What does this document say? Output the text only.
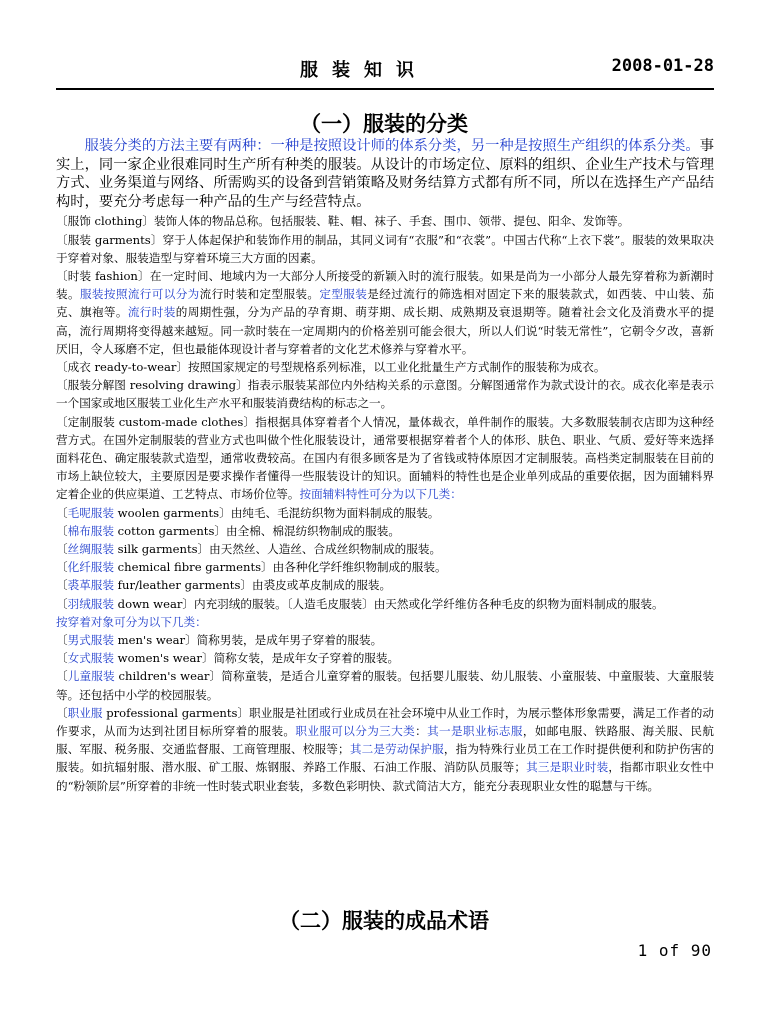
服装知识	2008-01-28
（一）服装的分类

服装分类的方法主要有两种：一种是按照设计师的体系分类，另一种是按照生产组织的体系分类。事实上，同一家企业很难同时生产所有种类的服装。从设计的市场定位、原料的组织、企业生产技术与管理方式、业务渠道与网络、所需购买的设备到营销策略及财务结算方式都有所不同，所以在选择生产产品结构时，要充分考虑每一种产品的生产与经营特点。

〔服饰 clothing〕装饰人体的物品总称。包括服装、鞋、帽、袜子、手套、围巾、领带、提包、阳伞、发饰等。

〔服装 garments〕穿于人体起保护和装饰作用的制品，其同义词有“衣服”和“衣裳”。中国古代称“上衣下裳”。服装的效果取决于穿着对象、服装造型与穿着环境三大方面的因素。

〔时装 fashion〕在一定时间、地域内为一大部分人所接受的新颖入时的流行服装。如果是尚为一小部分人最先穿着称为新潮时装。服装按照流行可以分为流行时装和定型服装。定型服装是经过流行的筛选相对固定下来的服装款式，如西装、中山装、茄克、旗袍等。流行时装的周期性强，分为产品的孕育期、萌芽期、成长期、成熟期及衰退期等。随着社会文化及消费水平的提高，流行周期将变得越来越短。同一款时装在一定周期内的价格差别可能会很大，所以人们说“时装无常性”，它朝令夕改，喜新厌旧，令人琢磨不定，但也最能体现设计者与穿着者的文化艺术修养与穿着水平。

〔成衣 ready-to-wear〕按照国家规定的号型规格系列标准，以工业化批量生产方式制作的服装称为成衣。

〔服装分解图 resolving drawing〕指表示服装某部位内外结构关系的示意图。分解图通常作为款式设计的衣。成衣化率是表示一个国家或地区服装工业化生产水平和服装消费结构的标志之一。

〔定制服装 custom-made clothes〕指根据具体穿着者个人情况，量体裁衣，单件制作的服装。大多数服装制衣店即为这种经营方式。在国外定制服装的营业方式也叫做个性化服装设计，通常要根据穿着者个人的体形、肤色、职业、气质、爱好等来选择面料花色、确定服装款式造型，通常收费较高。在国内有很多顾客是为了省钱或特体原因才定制服装。高档类定制服装在目前的市场上缺位较大，主要原因是要求操作者懂得一些服装设计的知识。面辅料的特性也是企业单列成品的重要依据，因为面辅料界定着企业的供应渠道、工艺特点、市场价位等。按面辅料特性可分为以下几类：

〔毛呢服装 woolen garments〕由纯毛、毛混纺织物为面料制成的服装。

〔棉布服装 cotton garments〕由全棉、棉混纺织物制成的服装。

〔丝绸服装 silk garments〕由天然丝、人造丝、合成丝织物制成的服装。

〔化纤服装 chemical fibre garments〕由各种化学纤维织物制成的服装。

〔裘革服装 fur/leather garments〕由裘皮或革皮制成的服装。

〔羽绒服装 down wear〕内充羽绒的服装。〔人造毛皮服装〕由天然或化学纤维仿各种毛皮的织物为面料制成的服装。

按穿着对象可分为以下几类：

〔男式服装 men's wear〕简称男装，是成年男子穿着的服装。

〔女式服装 women's wear〕简称女装，是成年女子穿着的服装。

〔儿童服装 children's wear〕简称童装，是适合儿童穿着的服装。包括婴儿服装、幼儿服装、小童服装、中童服装、大童服装等。还包括中小学的校园服装。

〔职业服 professional garments〕职业服是社团或行业成员在社会环境中从业工作时，为展示整体形象需要，满足工作者的动作要求，从而为达到社团目标所穿着的服装。职业服可以分为三大类：其一是职业标志服，如邮电服、铁路服、海关服、民航服、军服、税务服、交通监督服、工商管理服、校服等；其二是劳动保护服，指为特殊行业员工在工作时提供便利和防护伤害的服装。如抗辐射服、潜水服、矿工服、炼钢服、养路工作服、石油工作服、消防队员服等；其三是职业时装，指都市职业女性中的“粉领阶层”所穿着的非统一性时装式职业套装，多数色彩明快、款式简洁大方，能充分表现职业女性的聪慧与干练。

（二）服装的成品术语
1 of 90
